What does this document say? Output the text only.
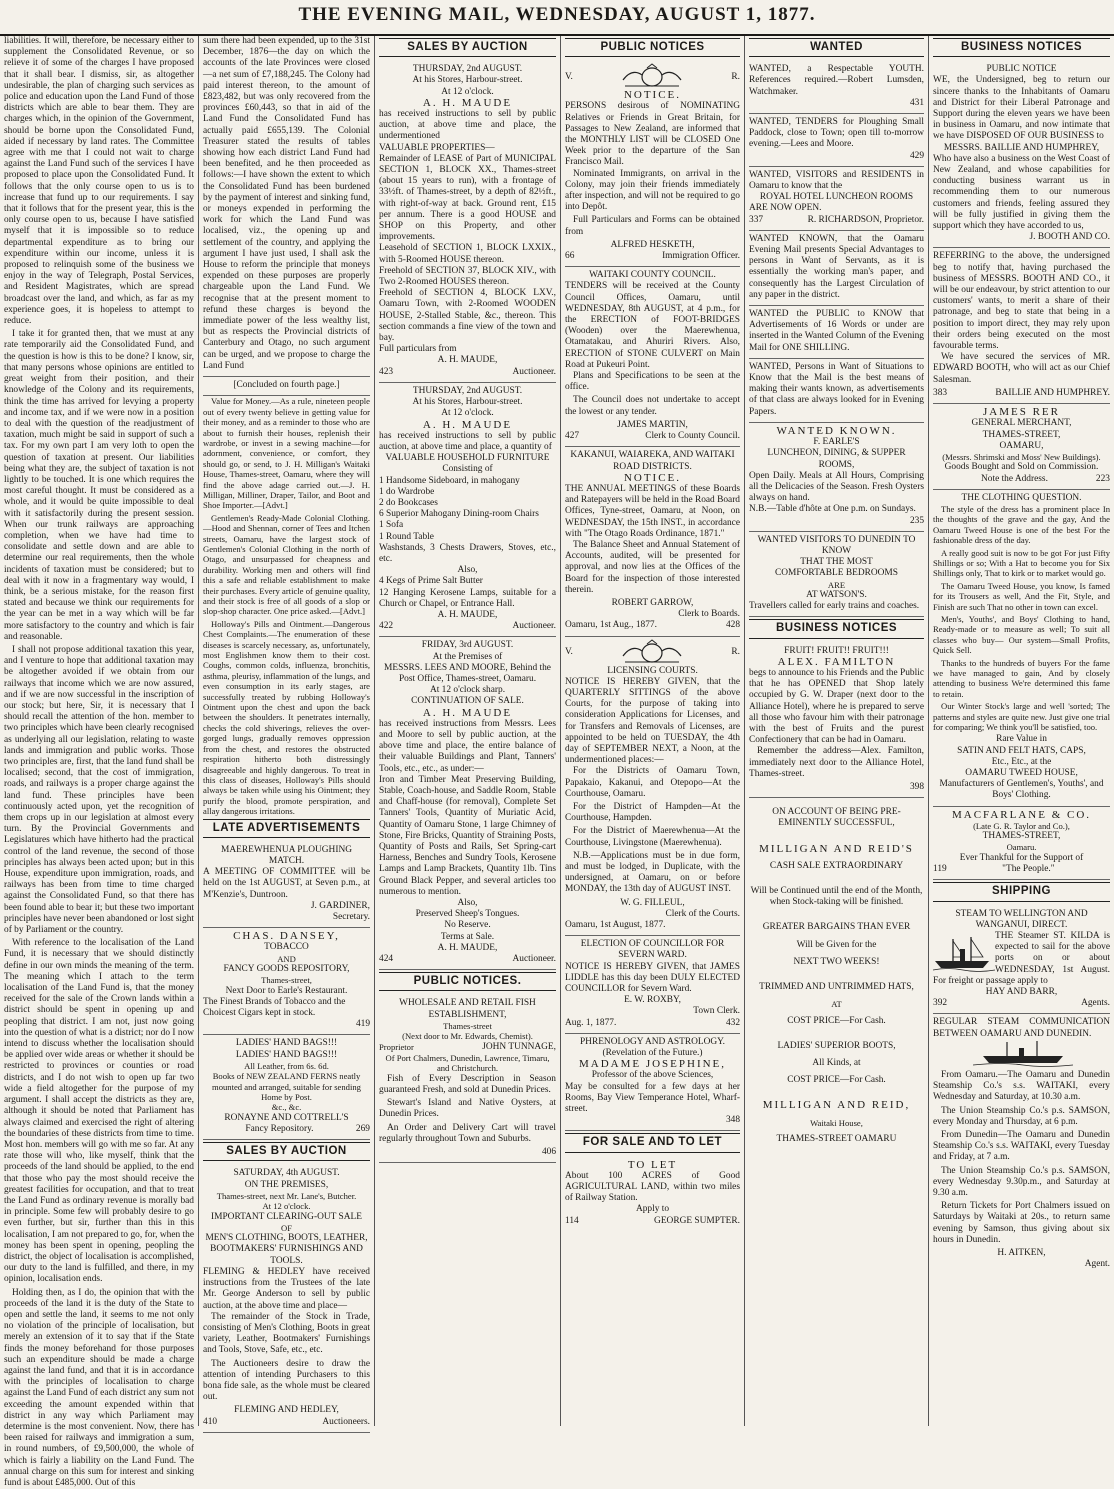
THE EVENING MAIL, WEDNESDAY, AUGUST 1, 1877.

liabilities. It will, therefore, be necessary either to supplement the Consolidated Revenue, or so relieve it of some of the charges I have proposed that it shall bear. I dismiss, sir, as altogether undesirable, the plan of charging such services as police and education upon the Land Fund of those districts which are able to bear them. They are charges which, in the opinion of the Government, should be borne upon the Consolidated Fund, aided if necessary by land rates. The Committee agree with me that I could not wait to charge against the Land Fund such of the services I have proposed to place upon the Consolidated Fund. It follows that the only course open to us is to increase that fund up to our requirements. I say that it follows that for the present year, this is the only course open to us, because I have satisfied myself that it is impossible so to reduce departmental expenditure as to bring our expenditure within our income, unless it is proposed to relinquish some of the business we enjoy in the way of Telegraph, Postal Services, and Resident Magistrates, which are spread broadcast over the land, and which, as far as my experience goes, it is hopeless to attempt to reduce.

I take it for granted then, that we must at any rate temporarily aid the Consolidated Fund, and the question is how is this to be done? I know, sir, that many persons whose opinions are entitled to great weight from their position, and their knowledge of the Colony and its requirements, think the time has arrived for levying a property and income tax, and if we were now in a position to deal with the question of the readjustment of taxation, much might be said in support of such a tax. For my own part I am very loth to open the question of taxation at present. Our liabilities being what they are, the subject of taxation is not lightly to be touched. It is one which requires the most careful thought. It must be considered as a whole, and it would be quite impossible to deal with it satisfactorily during the present session. When our trunk railways are approaching completion, when we have had time to consolidate and settle down and are able to determine our real requirements, then the whole incidents of taxation must be considered; but to deal with it now in a fragmentary way would, I think, be a serious mistake, for the reason first stated and because we think our requirements for the year can be met in a way which will be far more satisfactory to the country and which is fair and reasonable.

I shall not propose additional taxation this year, and I venture to hope that additional taxation may be altogether avoided if we obtain from our railways that income which we are now assured, and if we are now successful in the inscription of our stock; but here, Sir, it is necessary that I should recall the attention of the hon. member to two principles which have been clearly recognised as underlying all our legislation, relating to waste lands and immigration and public works. Those two principles are, first, that the land fund shall be localised; second, that the cost of immigration, roads, and railways is a proper charge against the land fund. These principles have been continuously acted upon, yet the recognition of them crops up in our legislation at almost every turn. By the Provincial Governments and Legislatures which have hitherto had the practical control of the land revenue, the second of those principles has always been acted upon; but in this House, expenditure upon immigration, roads, and railways has been from time to time charged against the Consolidated Fund, so that there has been found able to bear it; but these two important principles have never been abandoned or lost sight of by Parliament or the country.

With reference to the localisation of the Land Fund, it is necessary that we should distinctly define in our own minds the meaning of the term. The meaning which I attach to the term localisation of the Land Fund is, that the money received for the sale of the Crown lands within a district should be spent in opening up and peopling that district. I am not, just now going into the question of what is a district; nor do I now intend to discuss whether the localisation should be applied over wide areas or whether it should be restricted to provinces or counties or road districts, and I do not wish to open up far two wide a field altogether for the purpose of my argument. I shall accept the districts as they are, although it should be noted that Parliament has always claimed and exercised the right of altering the boundaries of these districts from time to time. Most hon. members will go with me so far. At any rate those will who, like myself, think that the proceeds of the land should be applied, to the end that those who pay the most should receive the greatest facilities for occupation, and that to treat the Land Fund as ordinary revenue is morally bad in principle. Some few will probably desire to go even further, but sir, further than this in this localisation, I am not prepared to go, for, when the money has been spent in opening, peopling the district, the object of localisation is accomplished, our duty to the land is fulfilled, and there, in my opinion, localisation ends.

Holding then, as I do, the opinion that with the proceeds of the land it is the duty of the State to open and settle the land, it seems to me not only no violation of the principle of localisation, but merely an extension of it to say that if the State finds the money beforehand for those purposes such an expenditure should be made a charge against the land fund, and that it is in accordance with the principles of localisation to charge against the Land Fund of each district any sum not exceeding the amount expended within that district in any way which Parliament may determine is the most convenient. Now, there has been raised for railways and immigration a sum, in round numbers, of £9,500,000, the whole of which is fairly a liability on the Land Fund. The annual charge on this sum for interest and sinking fund is about £485,000. Out of this

sum there had been expended, up to the 31st December, 1876—the day on which the accounts of the late Provinces were closed—a net sum of £7,188,245. The Colony had paid interest thereon, to the amount of £823,482, but was only recovered from the provinces £60,443, so that in aid of the Land Fund the Consolidated Fund has actually paid £655,139. The Colonial Treasurer stated the results of tables showing how each district Land Fund had been benefited, and he then proceeded as follows:—I have shown the extent to which the Consolidated Fund has been burdened by the payment of interest and sinking fund, or moneys expended in performing the work for which the Land Fund was localised, viz., the opening up and settlement of the country, and applying the argument I have just used, I shall ask the House to reform the principle that moneys expended on these purposes are properly chargeable upon the Land Fund. We recognise that at the present moment to refund these charges is beyond the immediate power of the less wealthy list, but as respects the Provincial districts of Canterbury and Otago, no such argument can be urged, and we propose to charge the Land Fund

[Concluded on fourth page.]

Value for Money.—As a rule, nineteen people out of every twenty believe in getting value for their money, and as a reminder to those who are about to furnish their houses, replenish their wardrobe, or invest in a sewing machine—for adornment, convenience, or comfort, they should go, or send, to J. H. Milligan's Waitaki House, Thames-street, Oamaru, where they will find the above adage carried out.—J. H. Milligan, Milliner, Draper, Tailor, and Boot and Shoe Importer.—[Advt.]

Gentlemen's Ready-Made Colonial Clothing.—Hood and Shennan, corner of Tees and Itchen streets, Oamaru, have the largest stock of Gentlemen's Colonial Clothing in the north of Otago, and unsurpassed for cheapness and durability. Working men and others will find this a safe and reliable establishment to make their purchases. Every article of genuine quality, and their stock is free of all goods of a slop or slop-shop character. One price asked.—[Advt.]

Holloway's Pills and Ointment.—Dangerous Chest Complaints.—The enumeration of these diseases is scarcely necessary, as, unfortunately, most Englishmen know them to their cost. Coughs, common colds, influenza, bronchitis, asthma, pleurisy, inflammation of the lungs, and even consumption in its early stages, are successfully treated by rubbing Holloway's Ointment upon the chest and upon the back between the shoulders. It penetrates internally, checks the cold shiverings, relieves the over-gorged lungs, gradually removes oppression from the chest, and restores the obstructed respiration hitherto both distressingly disagreeable and highly dangerous. To treat in this class of diseases, Holloway's Pills should always be taken while using his Ointment; they purify the blood, promote perspiration, and allay dangerous irritations.

LATE ADVERTISEMENTS
MAEREWHENUA PLOUGHING MATCH.
A MEETING OF COMMITTEE will be held on the 1st AUGUST, at Seven p.m., at M'Kenzie's, Duntroon.
J. GARDINER,
Secretary.
CHAS. DANSEY,
TOBACCO
AND
FANCY GOODS REPOSITORY,
Thames-street,
Next Door to Earle's Restaurant.
The Finest Brands of Tobacco and the Choicest Cigars kept in stock.
419
LADIES' HAND BAGS!!!
LADIES' HAND BAGS!!!
All Leather, from 6s. 6d.
Books of NEW ZEALAND FERNS neatly mounted and arranged, suitable for sending Home by Post.
&c., &c.
RONAYNE AND COTTRELL'S
Fancy Repository.	269
SALES BY AUCTION
SATURDAY, 4th AUGUST.
ON THE PREMISES,
Thames-street, next Mr. Lane's, Butcher.
At 12 o'clock.
IMPORTANT CLEARING-OUT SALE
OF
MEN'S CLOTHING, BOOTS, LEATHER, BOOTMAKERS' FURNISHINGS AND TOOLS.
FLEMING & HEDLEY have received instructions from the Trustees of the late Mr. George Anderson to sell by public auction, at the above time and place—

The remainder of the Stock in Trade, consisting of Men's Clothing, Boots in great variety, Leather, Bootmakers' Furnishings and Tools, Stove, Safe, etc., etc.

The Auctioneers desire to draw the attention of intending Purchasers to this bona fide sale, as the whole must be cleared out.

FLEMING AND HEDLEY,
410	Auctioneers.
SALES BY AUCTION
THURSDAY, 2nd AUGUST.
At his Stores, Harbour-street.
At 12 o'clock.
A. H. MAUDE
has received instructions to sell by public auction, at above time and place, the undermentioned
VALUABLE PROPERTIES—
Remainder of LEASE of Part of MUNICIPAL SECTION 1, BLOCK XX., Thames-street (about 15 years to run), with a frontage of 33½ft. of Thames-street, by a depth of 82½ft., with right-of-way at back. Ground rent, £15 per annum. There is a good HOUSE and SHOP on this Property, and other improvements.
Leasehold of SECTION 1, BLOCK LXXIX., with 5-Roomed HOUSE thereon.
Freehold of SECTION 37, BLOCK XIV., with Two 2-Roomed HOUSES thereon.
Freehold of SECTION 4, BLOCK LXV., Oamaru Town, with 2-Roomed WOODEN HOUSE, 2-Stalled Stable, &c., thereon. This section commands a fine view of the town and bay.
Full particulars from
A. H. MAUDE,
423	Auctioneer.
THURSDAY, 2nd AUGUST.
At his Stores, Harbour-street.
At 12 o'clock.
A. H. MAUDE
has received instructions to sell by public auction, at above time and place, a quantity of
VALUABLE HOUSEHOLD FURNITURE
Consisting of
1 Handsome Sideboard, in mahogany
1 do Wardrobe
2 do Bookcases
6 Superior Mahogany Dining-room Chairs
1 Sofa
1 Round Table
Washstands, 3 Chests Drawers, Stoves, etc., etc.
Also,
4 Kegs of Prime Salt Butter
12 Hanging Kerosene Lamps, suitable for a Church or Chapel, or Entrance Hall.
A. H. MAUDE,
422	Auctioneer.
FRIDAY, 3rd AUGUST.
At the Premises of
MESSRS. LEES AND MOORE, Behind the Post Office, Thames-street, Oamaru.
At 12 o'clock sharp.
CONTINUATION OF SALE.
A. H. MAUDE
has received instructions from Messrs. Lees and Moore to sell by public auction, at the above time and place, the entire balance of their valuable Buildings and Plant, Tanners' Tools, etc., etc., as under:—
Iron and Timber Meat Preserving Building, Stable, Coach-house, and Saddle Room, Stable and Chaff-house (for removal), Complete Set Tanners' Tools, Quantity of Muriatic Acid, Quantity of Oamaru Stone, 1 large Chimney of Stone, Fire Bricks, Quantity of Straining Posts, Quantity of Posts and Rails, Set Spring-cart Harness, Benches and Sundry Tools, Kerosene Lamps and Lamp Brackets, Quantity 1lb. Tins Ground Black Pepper, and several articles too numerous to mention.
Also,
Preserved Sheep's Tongues.
No Reserve.
Terms at Sale.
A. H. MAUDE,
424	Auctioneer.
PUBLIC NOTICES.
WHOLESALE AND RETAIL FISH ESTABLISHMENT,
Thames-street
(Next door to Mr. Edwards, Chemist).
Proprietor	JOHN TUNNAGE,
Of Port Chalmers, Dunedin, Lawrence, Timaru, and Christchurch.

Fish of Every Description in Season guaranteed Fresh, and sold at Dunedin Prices.

Stewart's Island and Native Oysters, at Dunedin Prices.

An Order and Delivery Cart will travel regularly throughout Town and Suburbs.

406
PUBLIC NOTICES
V.	R.
NOTICE.
PERSONS desirous of NOMINATING Relatives or Friends in Great Britain, for Passages to New Zealand, are informed that the MONTHLY LIST will be CLOSED One Week prior to the departure of the San Francisco Mail.

Nominated Immigrants, on arrival in the Colony, may join their friends immediately after inspection, and will not be required to go into Depôt.

Full Particulars and Forms can be obtained from

ALFRED HESKETH,
66	Immigration Officer.
WAITAKI COUNTY COUNCIL.
TENDERS will be received at the County Council Offices, Oamaru, until WEDNESDAY, 8th AUGUST, at 4 p.m., for the ERECTION of FOOT-BRIDGES (Wooden) over the Maerewhenua, Otamatakau, and Ahuriri Rivers. Also, ERECTION of STONE CULVERT on Main Road at Pukeuri Point.

Plans and Specifications to be seen at the office.

The Council does not undertake to accept the lowest or any tender.

JAMES MARTIN,
427	Clerk to County Council.
KAKANUI, WAIAREKA, AND WAITAKI ROAD DISTRICTS.
NOTICE.
THE ANNUAL MEETINGS of these Boards and Ratepayers will be held in the Road Board Offices, Tyne-street, Oamaru, at Noon, on WEDNESDAY, the 15th INST., in accordance with "The Otago Roads Ordinance, 1871."

The Balance Sheet and Annual Statement of Accounts, audited, will be presented for approval, and now lies at the Offices of the Board for the inspection of those interested therein.

ROBERT GARROW,
Clerk to Boards.
Oamaru, 1st Aug., 1877.	428
V.	R.
LICENSING COURTS.
NOTICE IS HEREBY GIVEN, that the QUARTERLY SITTINGS of the above Courts, for the purpose of taking into consideration Applications for Licenses, and for Transfers and Removals of Licenses, are appointed to be held on TUESDAY, the 4th day of SEPTEMBER NEXT, a Noon, at the undermentioned places:—

For the Districts of Oamaru Town, Papakaio, Kakanui, and Otepopo—At the Courthouse, Oamaru.

For the District of Hampden—At the Courthouse, Hampden.

For the District of Maerewhenua—At the Courthouse, Livingstone (Maerewhenua).

N.B.—Applications must be in due form, and must be lodged, in Duplicate, with the undersigned, at Oamaru, on or before MONDAY, the 13th day of AUGUST INST.

W. G. FILLEUL,
Clerk of the Courts.
Oamaru, 1st August, 1877.
ELECTION OF COUNCILLOR FOR SEVERN WARD.
NOTICE IS HEREBY GIVEN, that JAMES LIDDLE has this day been DULY ELECTED COUNCILLOR for Severn Ward.
E. W. ROXBY,
Town Clerk.
Aug. 1, 1877.	432
PHRENOLOGY AND ASTROLOGY.
(Revelation of the Future.)
MADAME JOSEPHINE,
Professor of the above Sciences,
May be consulted for a few days at her Rooms, Bay View Temperance Hotel, Wharf-street.
348
FOR SALE AND TO LET
TO LET
About 100 ACRES of Good AGRICULTURAL LAND, within two miles of Railway Station.
Apply to
114	GEORGE SUMPTER.
WANTED
WANTED, a Respectable YOUTH. References required.—Robert Lumsden, Watchmaker.
431
WANTED, TENDERS for Ploughing Small Paddock, close to Town; open till to-morrow evening.—Lees and Moore.
429
WANTED, VISITORS and RESIDENTS in Oamaru to know that the
ROYAL HOTEL LUNCHEON ROOMS
ARE NOW OPEN.
337	R. RICHARDSON, Proprietor.
WANTED KNOWN, that the Oamaru Evening Mail presents Special Advantages to persons in Want of Servants, as it is essentially the working man's paper, and consequently has the Largest Circulation of any paper in the district.
WANTED the PUBLIC to KNOW that Advertisements of 16 Words or under are inserted in the Wanted Column of the Evening Mail for ONE SHILLING.
WANTED, Persons in Want of Situations to Know that the Mail is the best means of making their wants known, as advertisements of that class are always looked for in Evening Papers.
WANTED KNOWN.
F. EARLE'S
LUNCHEON, DINING, & SUPPER ROOMS,
Open Daily. Meals at All Hours, Comprising all the Delicacies of the Season. Fresh Oysters always on hand.
N.B.—Table d'hôte at One p.m. on Sundays.
235
WANTED VISITORS TO DUNEDIN TO KNOW
THAT THE MOST
COMFORTABLE BEDROOMS
ARE
AT WATSON'S.
Travellers called for early trains and coaches.
BUSINESS NOTICES
FRUIT! FRUIT!! FRUIT!!!
ALEX. FAMILTON
begs to announce to his Friends and the Public that he has OPENED that Shop lately occupied by G. W. Draper (next door to the Alliance Hotel), where he is prepared to serve all those who favour him with their patronage with the best of Fruits and the purest Confectionery that can be had in Oamaru.

Remember the address—Alex. Familton, immediately next door to the Alliance Hotel, Thames-street.

398
ON ACCOUNT OF BEING PRE-EMINENTLY SUCCESSFUL,
MILLIGAN AND REID'S
CASH SALE EXTRAORDINARY
Will be Continued until the end of the Month, when Stock-taking will be finished.
GREATER BARGAINS THAN EVER
Will be Given for the
NEXT TWO WEEKS!
TRIMMED AND UNTRIMMED HATS,
AT
COST PRICE—For Cash.
LADIES' SUPERIOR BOOTS,
All Kinds, at
COST PRICE—For Cash.
MILLIGAN AND REID,
Waitaki House,
THAMES-STREET OAMARU
BUSINESS NOTICES
PUBLIC NOTICE
WE, the Undersigned, beg to return our sincere thanks to the Inhabitants of Oamaru and District for their Liberal Patronage and Support during the eleven years we have been in business in Oamaru, and now intimate that we have DISPOSED OF OUR BUSINESS to
MESSRS. BAILLIE AND HUMPHREY,
Who have also a business on the West Coast of New Zealand, and whose capabilities for conducting business warrant us in recommending them to our numerous customers and friends, feeling assured they will be fully justified in giving them the support which they have accorded to us,
J. BOOTH AND CO.
REFERRING to the above, the undersigned beg to notify that, having purchased the business of MESSRS. BOOTH AND CO., it will be our endeavour, by strict attention to our customers' wants, to merit a share of their patronage, and beg to state that being in a position to import direct, they may rely upon their orders being executed on the most favourable terms.

We have secured the services of MR. EDWARD BOOTH, who will act as our Chief Salesman.

383	BAILLIE AND HUMPHREY.
JAMES RER
GENERAL MERCHANT,
THAMES-STREET,
OAMARU,
(Messrs. Shrimski and Moss' New Buildings).
Goods Bought and Sold on Commission.
Note the Address.	223
THE CLOTHING QUESTION.

The style of the dress has a prominent place In the thoughts of the grave and the gay, And the Oamaru Tweed House is one of the best For the fashionable dress of the day.

A really good suit is now to be got For just Fifty Shillings or so; With a Hat to become you for Six Shillings only, That to kirk or to market would go.

The Oamaru Tweed House, you know, Is famed for its Trousers as well, And the Fit, Style, and Finish are such That no other in town can excel.

Men's, Youths', and Boys' Clothing to hand, Ready-made or to measure as well; To suit all classes who buy— Our system—Small Profits, Quick Sell.

Thanks to the hundreds of buyers For the fame we have managed to gain, And by closely attending to business We're determined this fame to retain.

Our Winter Stock's large and well 'sorted; The patterns and styles are quite new. Just give one trial for comparing; We think you'll be satisfied, too.

Rare Value in
SATIN AND FELT HATS, CAPS,
Etc., Etc., at the
OAMARU TWEED HOUSE,
Manufacturers of Gentlemen's, Youths', and Boys' Clothing.
MACFARLANE & CO.
(Late G. R. Taylor and Co.),
THAMES-STREET,
Oamaru.
Ever Thankful for the Support of
119	"The People."
SHIPPING
STEAM TO WELLINGTON AND WANGANUI, DIRECT.
THE Steamer ST. KILDA is expected to sail for the above ports on or about WEDNESDAY, 1st August. For freight or passage apply to
HAY AND BARR,
392	Agents.
REGULAR STEAM COMMUNICATION BETWEEN OAMARU AND DUNEDIN.

From Oamaru.—The Oamaru and Dunedin Steamship Co.'s s.s. WAITAKI, every Wednesday and Saturday, at 10.30 a.m.

The Union Steamship Co.'s p.s. SAMSON, every Monday and Thursday, at 6 p.m.

From Dunedin—The Oamaru and Dunedin Steamship Co.'s s.s. WAITAKI, every Tuesday and Friday, at 7 a.m.

The Union Steamship Co.'s p.s. SAMSON, every Wednesday 9.30p.m., and Saturday at 9.30 a.m.

Return Tickets for Port Chalmers issued on Saturdays by Waitaki at 20s., to return same evening by Samson, thus giving about six hours in Dunedin.

H. AITKEN,
Agent.
